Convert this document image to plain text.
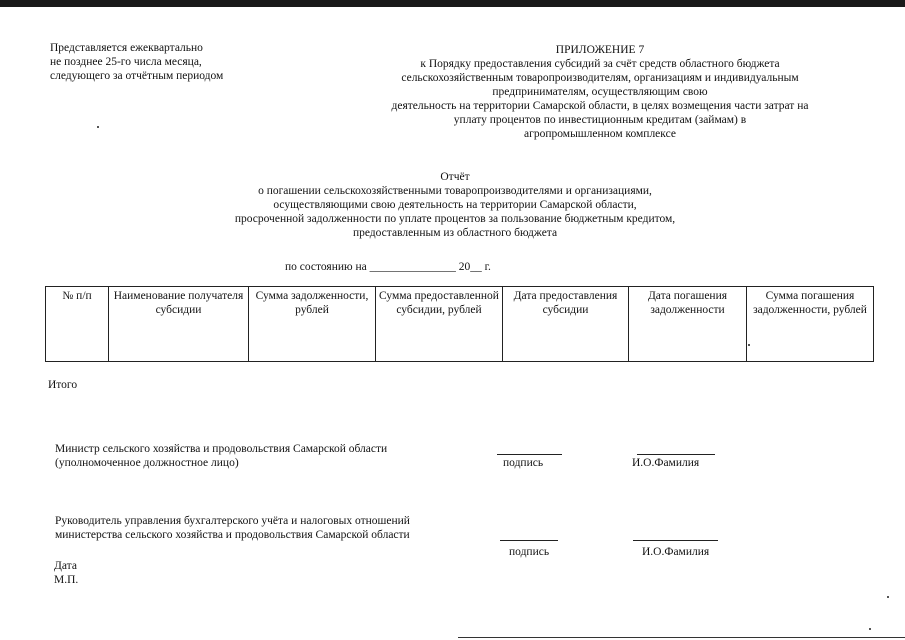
Представляется ежеквартально
не позднее 25-го числа месяца,
следующего за отчётным периодом
ПРИЛОЖЕНИЕ 7
к Порядку предоставления субсидий за счёт средств областного бюджета
сельскохозяйственным товаропроизводителям, организациям и индивидуальным
предпринимателям, осуществляющим свою
деятельность на территории Самарской области, в целях возмещения части затрат на
уплату процентов по инвестиционным кредитам (займам) в
агропромышленном комплексе
Отчёт
о погашении сельскохозяйственными товаропроизводителями и организациями,
осуществляющими свою деятельность на территории Самарской области,
просроченной задолженности по уплате процентов за пользование бюджетным кредитом,
предоставленным из областного бюджета
по состоянию на _______________ 20__ г.
№ п/п	Наименование получателя субсидии	Сумма задолженности, рублей	Сумма предоставленной субсидии, рублей	Дата предоставления субсидии	Дата погашения задолженности	Сумма погашения задолженности, рублей
Итого
Министр сельского хозяйства и продовольствия Самарской области
(уполномоченное должностное лицо)	подпись	И.О.Фамилия
Руководитель управления бухгалтерского учёта и налоговых отношений
министерства сельского хозяйства и продовольствия Самарской области
подпись	И.О.Фамилия
Дата
М.П.
